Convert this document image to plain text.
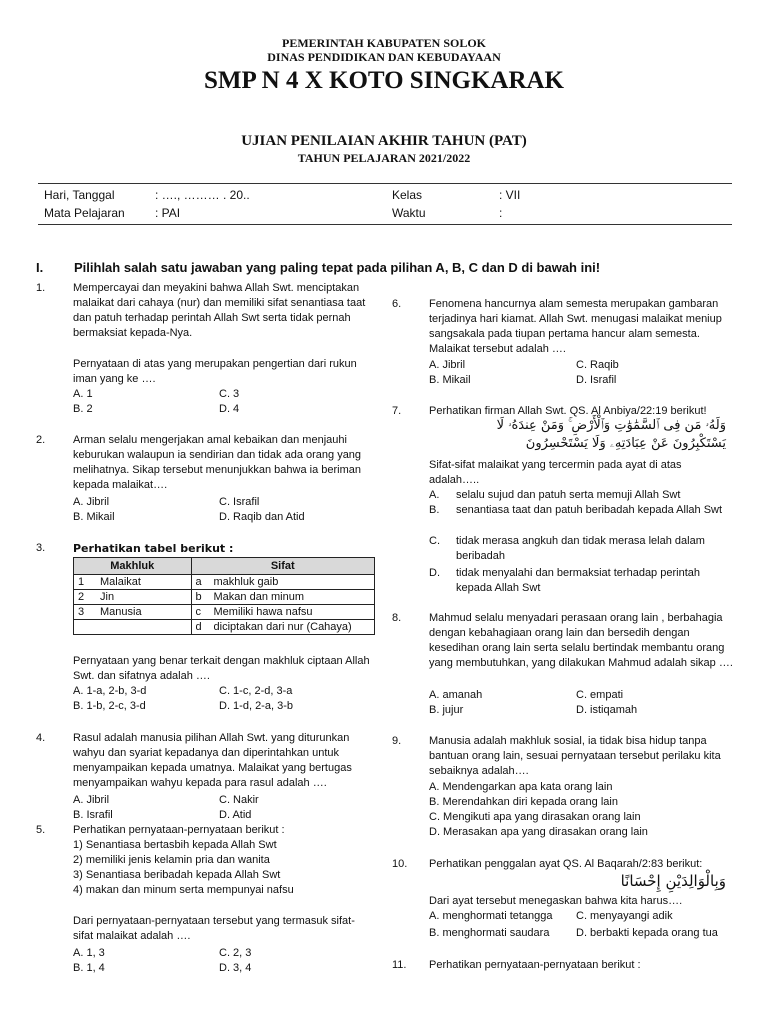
PEMERINTAH KABUPATEN SOLOK
DINAS PENDIDIKAN DAN KEBUDAYAAN
SMP N 4 X KOTO SINGKARAK
UJIAN PENILAIAN AKHIR TAHUN (PAT)
TAHUN PELAJARAN 2021/2022
Hari, Tanggal	: …., ……… . 20..	Kelas	: VII
Mata Pelajaran	: PAI	Waktu	:
I. Pilihlah salah satu jawaban yang paling tepat pada pilihan A, B, C dan D di bawah ini!
1.	Mempercayai dan meyakini bahwa Allah Swt. menciptakan malaikat dari cahaya (nur) dan memiliki sifat senantiasa taat dan patuh terhadap perintah Allah Swt serta tidak pernah bermaksiat kepada-Nya.
Pernyataan di atas yang merupakan pengertian dari rukun iman yang ke ….
A. 1	C. 3
B. 2	D. 4
2.	Arman selalu mengerjakan amal kebaikan dan menjauhi keburukan walaupun ia sendirian dan tidak ada orang yang melihatnya. Sikap tersebut menunjukkan bahwa ia beriman kepada malaikat….
A. Jibril	C. Israfil
B. Mikail	D. Raqib dan Atid
3.	Perhatikan tabel berikut :
Makhluk		Sifat	
1	Malaikat	a	makhluk gaib
2	Jin	b	Makan dan minum
3	Manusia	c	Memiliki hawa nafsu
		d	diciptakan dari nur (Cahaya)
Pernyataan yang benar terkait dengan makhluk ciptaan Allah Swt. dan sifatnya adalah ….
A. 1-a, 2-b, 3-d	C. 1-c, 2-d, 3-a
B. 1-b, 2-c, 3-d	D. 1-d, 2-a, 3-b
4.	Rasul adalah manusia pilihan Allah Swt. yang diturunkan wahyu dan syariat kepadanya dan diperintahkan untuk menyampaikan kepada umatnya. Malaikat yang bertugas menyampaikan wahyu kepada para rasul adalah ….
A. Jibril	C. Nakir
B. Israfil	D. Atid
5.	Perhatikan pernyataan-pernyataan berikut :
1) Senantiasa bertasbih kepada Allah Swt
2) memiliki jenis kelamin pria dan wanita
3) Senantiasa beribadah kepada Allah Swt
4) makan dan minum serta mempunyai nafsu
Dari pernyataan-pernyataan tersebut yang termasuk sifat-sifat malaikat adalah ….
A. 1, 3	C. 2, 3
B. 1, 4	D. 3, 4
6.	Fenomena hancurnya alam semesta merupakan gambaran terjadinya hari kiamat. Allah Swt. menugasi malaikat meniup sangsakala pada tiupan pertama hancur alam semesta. Malaikat tersebut adalah ….
A. Jibril	C. Raqib
B. Mikail	D. Israfil
7.	Perhatikan firman Allah Swt. QS. Al Anbiya/22:19 berikut!
وَلَهُۥ مَن فِى ٱلسَّمَٰوَٰتِ وَٱلْأَرْضِ ۚ وَمَنْ عِندَهُۥ لَا
يَسْتَكْبِرُونَ عَنْ عِبَادَتِهِۦ وَلَا يَسْتَحْسِرُونَ
Sifat-sifat malaikat yang tercermin pada ayat di atas adalah…..
A. selalu sujud dan patuh serta memuji Allah Swt
B. senantiasa taat dan patuh beribadah kepada Allah Swt
C. tidak merasa angkuh dan tidak merasa lelah dalam beribadah
D. tidak menyalahi dan bermaksiat terhadap perintah kepada Allah Swt
8.	Mahmud selalu menyadari perasaan orang lain , berbahagia dengan kebahagiaan orang lain dan bersedih dengan kesedihan orang lain serta selalu bertindak membantu orang yang membutuhkan, yang dilakukan Mahmud adalah sikap ….
A. amanah	C. empati
B. jujur	D. istiqamah
9.	Manusia adalah makhluk sosial, ia tidak bisa hidup tanpa bantuan orang lain, sesuai pernyataan tersebut perilaku kita sebaiknya adalah….
A. Mendengarkan apa kata orang lain
B. Merendahkan diri kepada orang lain
C. Mengikuti apa yang dirasakan orang lain
D. Merasakan apa yang dirasakan orang lain
10. Perhatikan penggalan ayat QS. Al Baqarah/2:83 berikut:
وَبِالْوَالِدَيْنِ إِحْسَانًا
Dari ayat tersebut menegaskan bahwa kita harus….
A. menghormati tetangga C. menyayangi adik
B. menghormati saudara D. berbakti kepada orang tua
11. Perhatikan pernyataan-pernyataan berikut :
